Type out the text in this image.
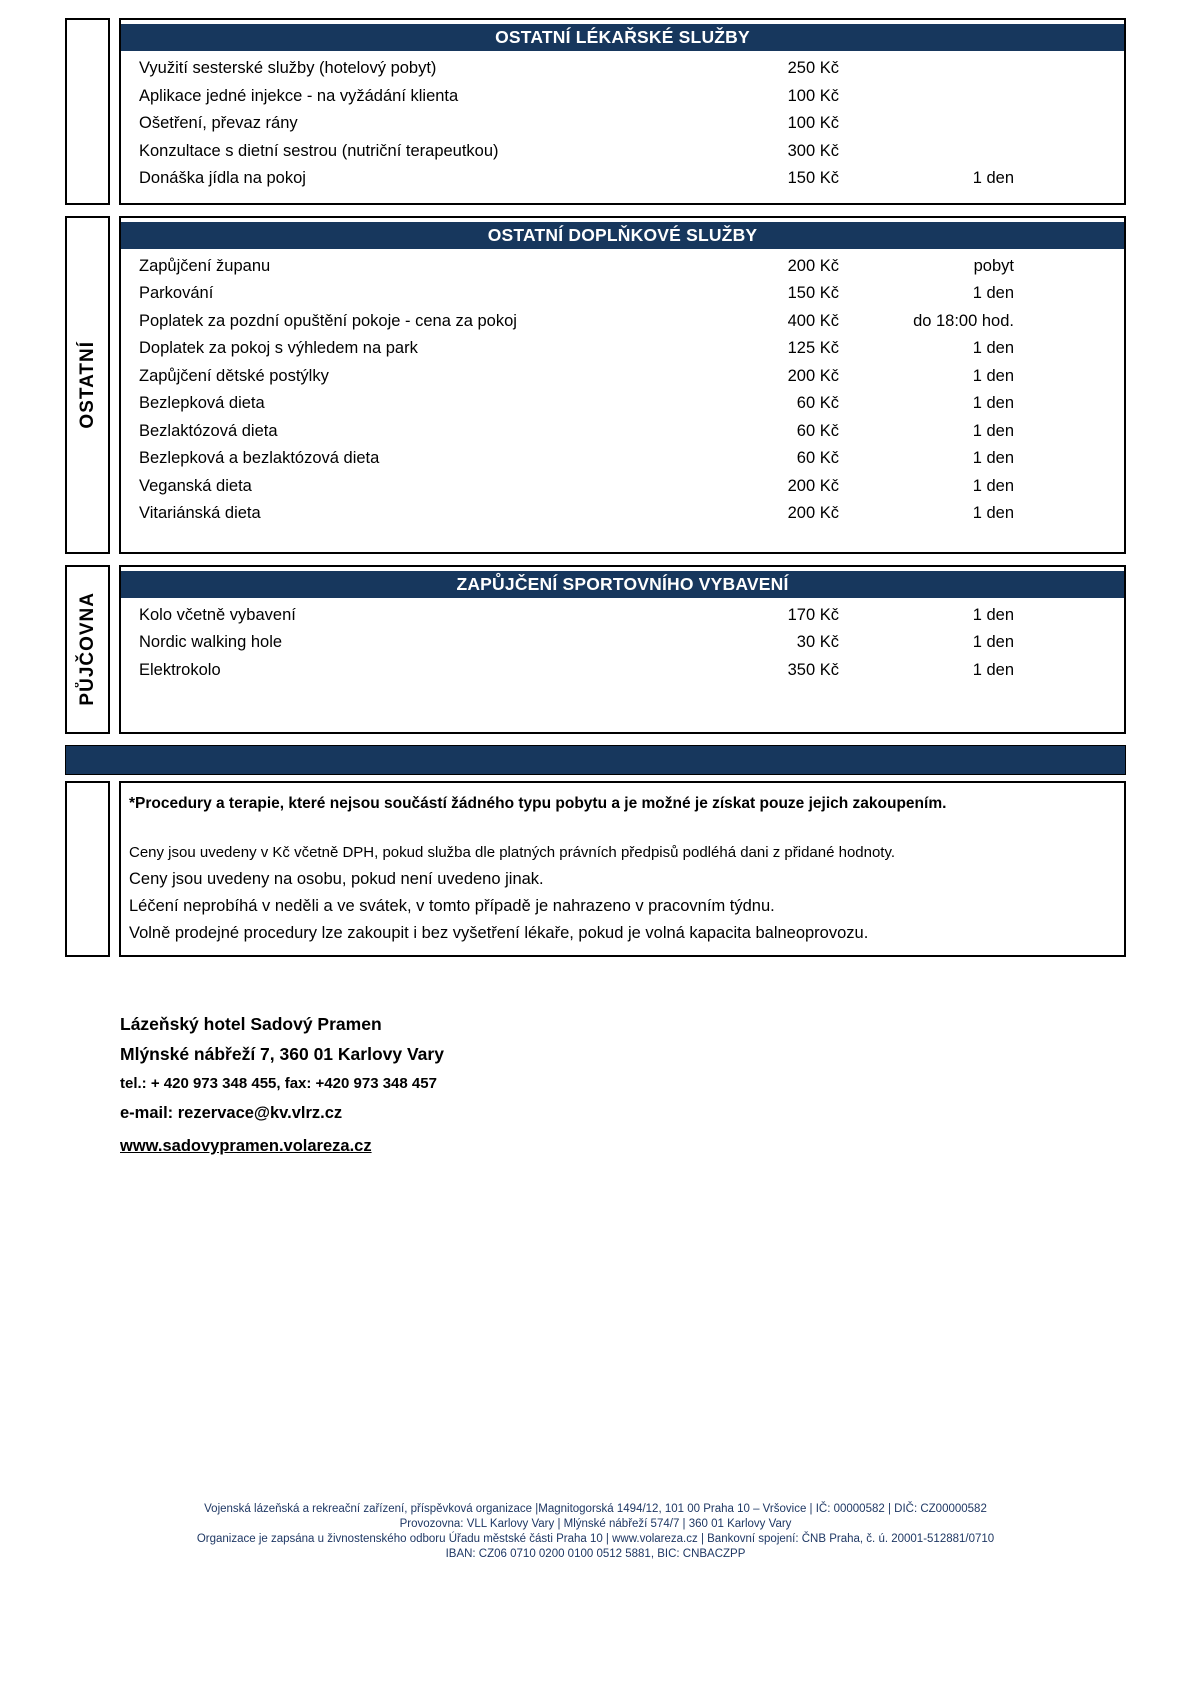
OSTATNÍ LÉKAŘSKÉ SLUŽBY
Využití sesterské služby (hotelový pobyt)	250 Kč
Aplikace jedné injekce - na vyžádání klienta	100 Kč
Ošetření, převaz rány	100 Kč
Konzultace s dietní sestrou (nutriční terapeutkou)	300 Kč
Donáška jídla na pokoj	150 Kč	1 den
OSTATNÍ
OSTATNÍ DOPLŇKOVÉ SLUŽBY
Zapůjčení županu	200 Kč	pobyt
Parkování	150 Kč	1 den
Poplatek za pozdní opuštění pokoje - cena za pokoj	400 Kč	do 18:00 hod.
Doplatek za pokoj s výhledem na park	125 Kč	1 den
Zapůjčení dětské postýlky	200 Kč	1 den
Bezlepková dieta	60 Kč	1 den
Bezlaktózová dieta	60 Kč	1 den
Bezlepková a bezlaktózová dieta	60 Kč	1 den
Veganská dieta	200 Kč	1 den
Vitariánská dieta	200 Kč	1 den
PŮJČOVNA
ZAPŮJČENÍ SPORTOVNÍHO VYBAVENÍ
Kolo včetně vybavení	170 Kč	1 den
Nordic walking hole	30 Kč	1 den
Elektrokolo	350 Kč	1 den
*Procedury a terapie, které nejsou součástí žádného typu pobytu a je možné je získat pouze jejich zakoupením.
Ceny jsou uvedeny v Kč včetně DPH, pokud služba dle platných právních předpisů podléhá dani z přidané hodnoty.
Ceny jsou uvedeny na osobu, pokud není uvedeno jinak.
Léčení neprobíhá v neděli a ve svátek, v tomto případě je nahrazeno v pracovním týdnu.
Volně prodejné procedury lze zakoupit i bez vyšetření lékaře, pokud je volná kapacita balneoprovozu.
Lázeňský hotel Sadový Pramen
Mlýnské nábřeží 7, 360 01 Karlovy Vary
tel.: + 420 973 348 455, fax: +420 973 348 457
e-mail: rezervace@kv.vlrz.cz
www.sadovypramen.volareza.cz
Vojenská lázeňská a rekreační zařízení, příspěvková organizace |Magnitogorská 1494/12, 101 00 Praha 10 – Vršovice | IČ: 00000582 | DIČ: CZ00000582
Provozovna: VLL Karlovy Vary | Mlýnské nábřeží 574/7 | 360 01 Karlovy Vary
Organizace je zapsána u živnostenského odboru Úřadu městské části Praha 10 | www.volareza.cz | Bankovní spojení: ČNB Praha, č. ú. 20001-512881/0710
IBAN: CZ06 0710 0200 0100 0512 5881, BIC: CNBACZPP
